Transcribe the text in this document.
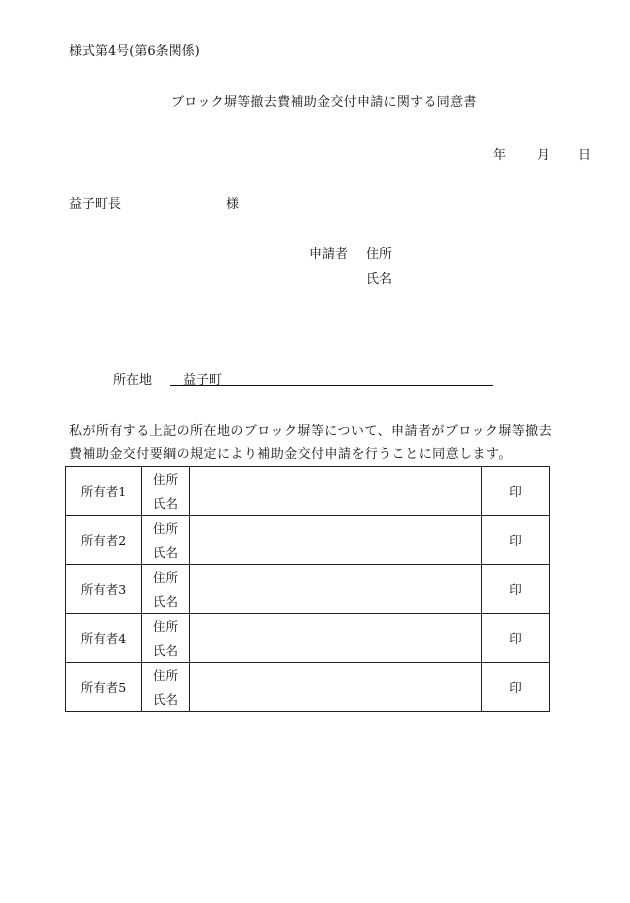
様式第4号(第6条関係)
ブロック塀等撤去費補助金交付申請に関する同意書
年 月 日
益子町長	様
申請者 住所
氏名
所在地 益子町
私が所有する上記の所在地のブロック塀等について、申請者がブロック塀等撤去
費補助金交付要綱の規定により補助金交付申請を行うことに同意します。
所有者1	住所		印
	氏名		
所有者2	住所		印
	氏名		
所有者3	住所		印
	氏名		
所有者4	住所		印
	氏名		
所有者5	住所		印
	氏名		
